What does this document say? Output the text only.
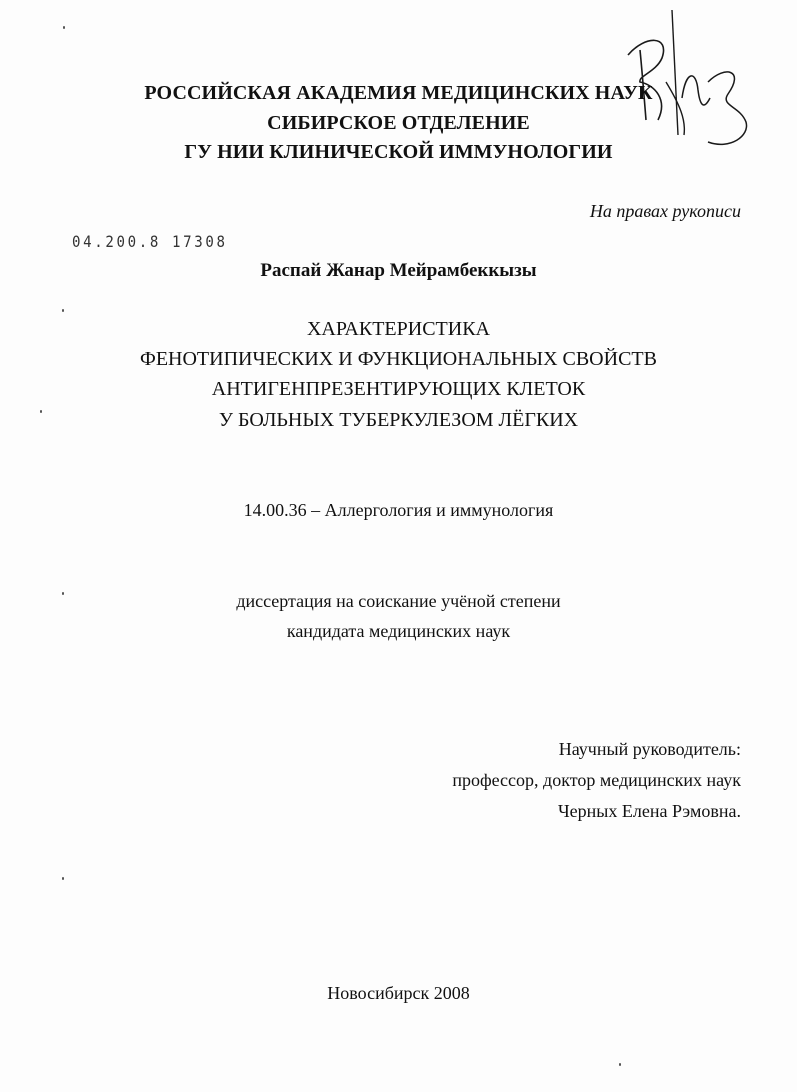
РОССИЙСКАЯ АКАДЕМИЯ МЕДИЦИНСКИХ НАУК
СИБИРСКОЕ ОТДЕЛЕНИЕ
ГУ НИИ КЛИНИЧЕСКОЙ ИММУНОЛОГИИ
На правах рукописи
04.200.8 17308
Распай Жанар Мейрамбеккызы
ХАРАКТЕРИСТИКА
ФЕНОТИПИЧЕСКИХ И ФУНКЦИОНАЛЬНЫХ СВОЙСТВ
АНТИГЕНПРЕЗЕНТИРУЮЩИХ КЛЕТОК
У БОЛЬНЫХ ТУБЕРКУЛЕЗОМ ЛЁГКИХ
14.00.36 – Аллергология и иммунология
диссертация на соискание учёной степени
кандидата медицинских наук
Научный руководитель:
профессор, доктор медицинских наук
Черных Елена Рэмовна.
Новосибирск 2008
